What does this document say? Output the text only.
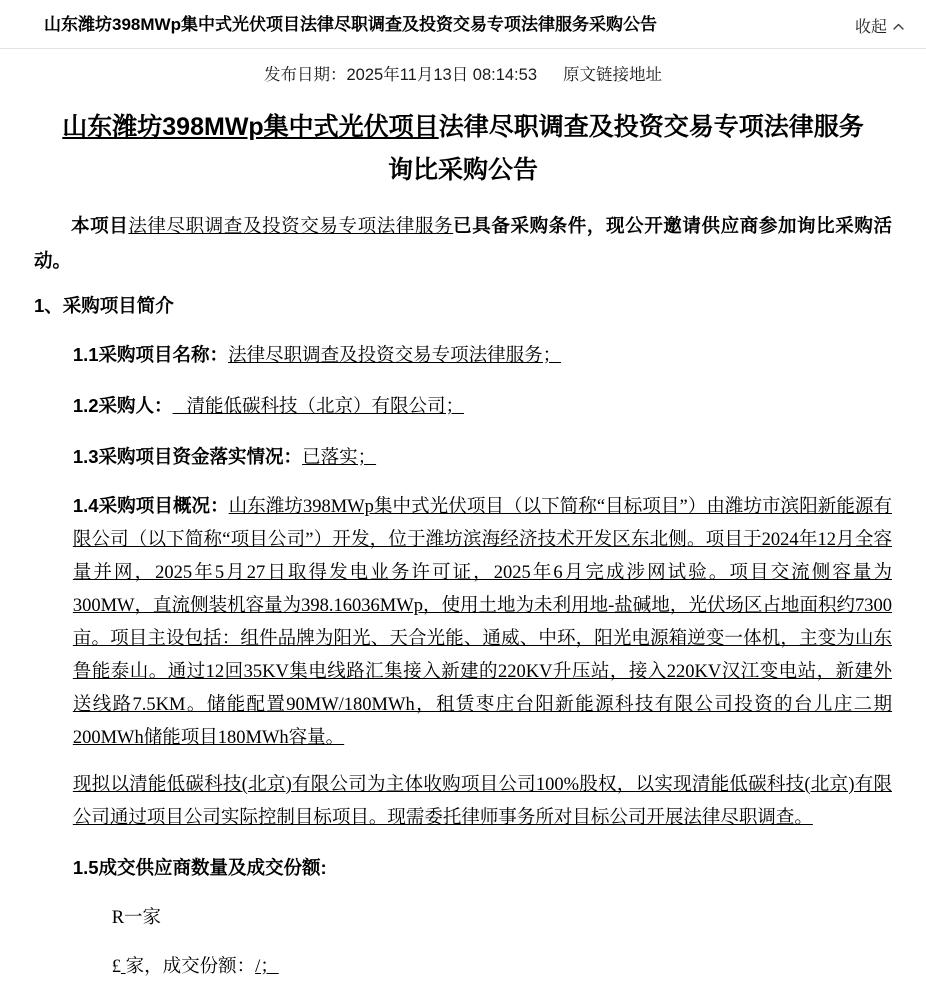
山东潍坊398MWp集中式光伏项目法律尽职调查及投资交易专项法律服务采购公告	收起
发布日期：2025年11月13日 08:14:53 原文链接地址
山东潍坊398MWp集中式光伏项目法律尽职调查及投资交易专项法律服务
询比采购公告

本项目法律尽职调查及投资交易专项法律服务已具备采购条件，现公开邀请供应商参加询比采购活动。

1、采购项目简介
1.1采购项目名称：法律尽职调查及投资交易专项法律服务；
1.2采购人： 清能低碳科技（北京）有限公司；
1.3采购项目资金落实情况：已落实；
1.4采购项目概况：山东潍坊398MWp集中式光伏项目（以下简称“目标项目”）由潍坊市滨阳新能源有限公司（以下简称“项目公司”）开发，位于潍坊滨海经济技术开发区东北侧。项目于2024年12月全容量并网，2025年5月27日取得发电业务许可证，2025年6月完成涉网试验。项目交流侧容量为300MW，直流侧装机容量为398.16036MWp，使用土地为未利用地-盐碱地，光伏场区占地面积约7300亩。项目主设包括：组件品牌为阳光、天合光能、通威、中环，阳光电源箱逆变一体机，主变为山东鲁能泰山。通过12回35KV集电线路汇集接入新建的220KV升压站，接入220KV汉江变电站，新建外送线路7.5KM。储能配置90MW/180MWh，租赁枣庄台阳新能源科技有限公司投资的台儿庄二期200MWh储能项目180MWh容量。
现拟以清能低碳科技(北京)有限公司为主体收购项目公司100%股权，以实现清能低碳科技(北京)有限公司通过项目公司实际控制目标项目。现需委托律师事务所对目标公司开展法律尽职调查。
1.5成交供应商数量及成交份额:
R一家
£ 家，成交份额：/；
